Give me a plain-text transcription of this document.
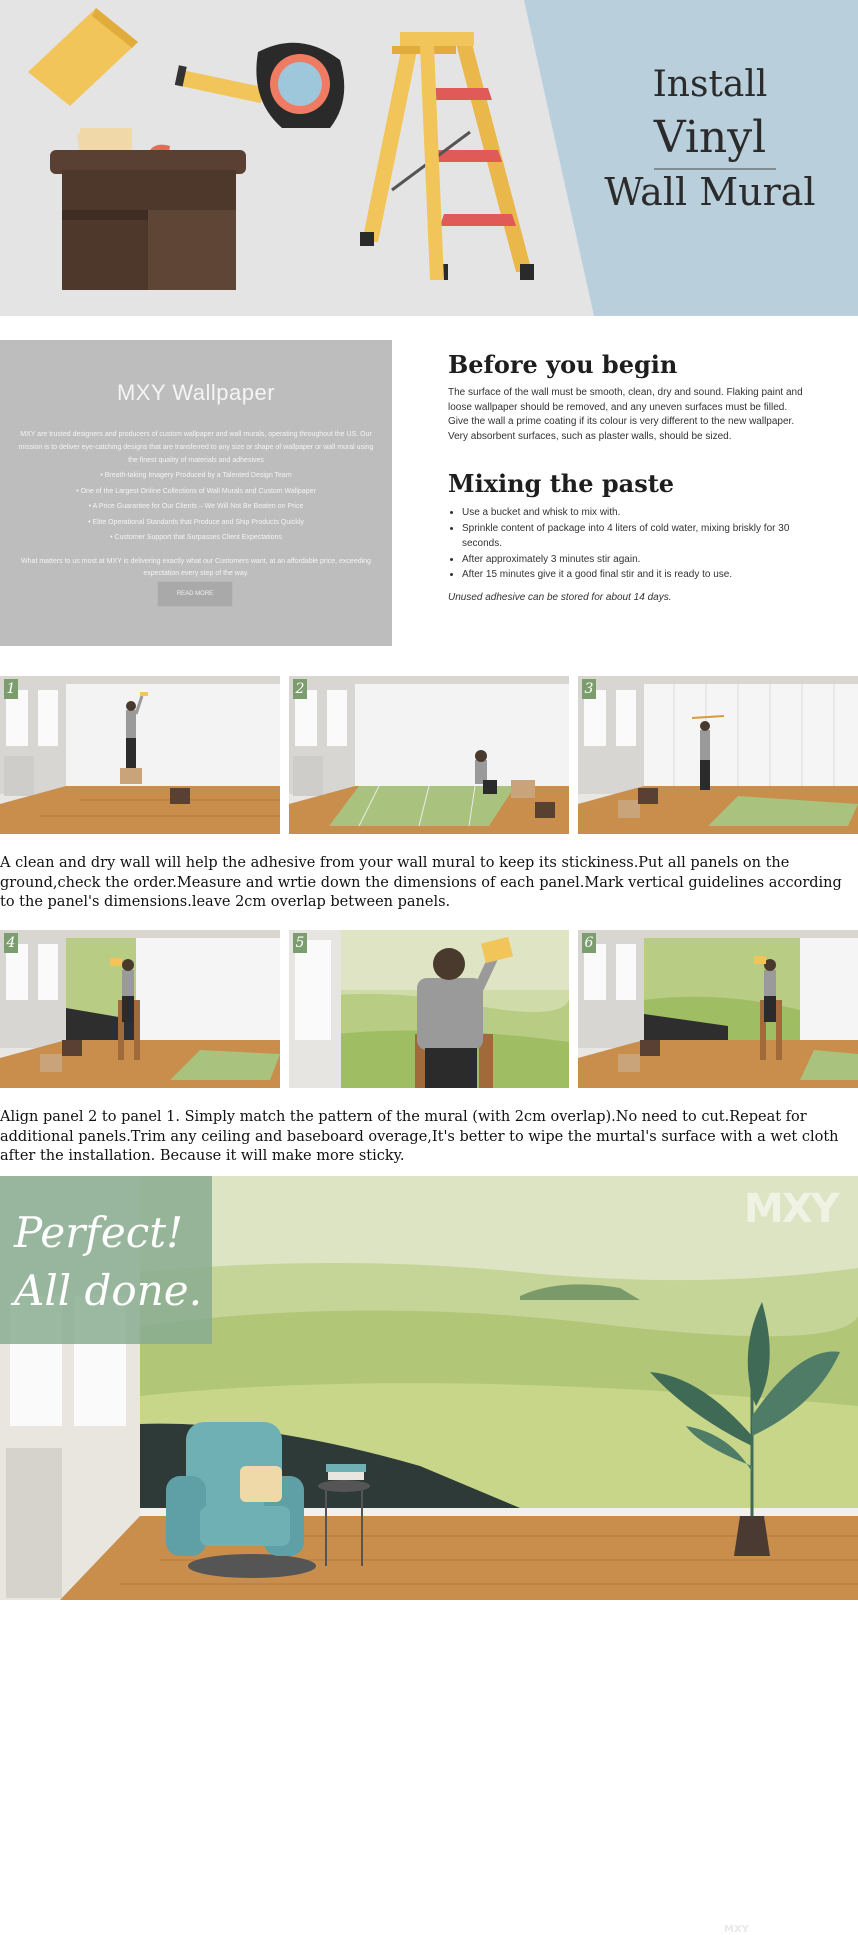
Install
Vinyl
Wall Mural
MXY Wallpaper
MXY are trusted designers and producers of custom wallpaper and wall murals, operating throughout the US. Our mission is to deliver eye-catching designs that are transferred to any size or shape of wallpaper or wall mural using the finest quality of materials and adhesives
• Breath-taking Imagery Produced by a Talented Design Team
• One of the Largest Online Collections of Wall Murals and Custom Wallpaper
• A Price Guarantee for Our Clients – We Will Not Be Beaten on Price
• Elite Operational Standards that Produce and Ship Products Quickly
• Customer Support that Surpasses Client Expectations
What matters to us most at MXY is delivering exactly what our Customers want, at an affordable price, exceeding expectation every step of the way.
READ MORE
Before you begin
The surface of the wall must be smooth, clean, dry and sound. Flaking paint and loose wallpaper should be removed, and any uneven surfaces must be filled. Give the wall a prime coating if its colour is very different to the new wallpaper. Very absorbent surfaces, such as plaster walls, should be sized.
Mixing the paste
• Use a bucket and whisk to mix with.
• Sprinkle content of package into 4 liters of cold water, mixing briskly for 30 seconds.
• After approximately 3 minutes stir again.
• After 15 minutes give it a good final stir and it is ready to use.
Unused adhesive can be stored for about 14 days.
1	2	3
A clean and dry wall will help the adhesive from your wall mural to keep its stickiness.Put all panels on the ground,check the order.Measure and wrtie down the dimensions of each panel.Mark vertical guidelines according to the panel's dimensions.leave 2cm overlap between panels.
4
MXY
5	6
Align panel 2 to panel 1. Simply match the pattern of the mural (with 2cm overlap).No need to cut.Repeat for additional panels.Trim any ceiling and baseboard overage,It's better to wipe the murtal's surface with a wet cloth after the installation. Because it will make more sticky.
Perfect!
All done.
MXY
